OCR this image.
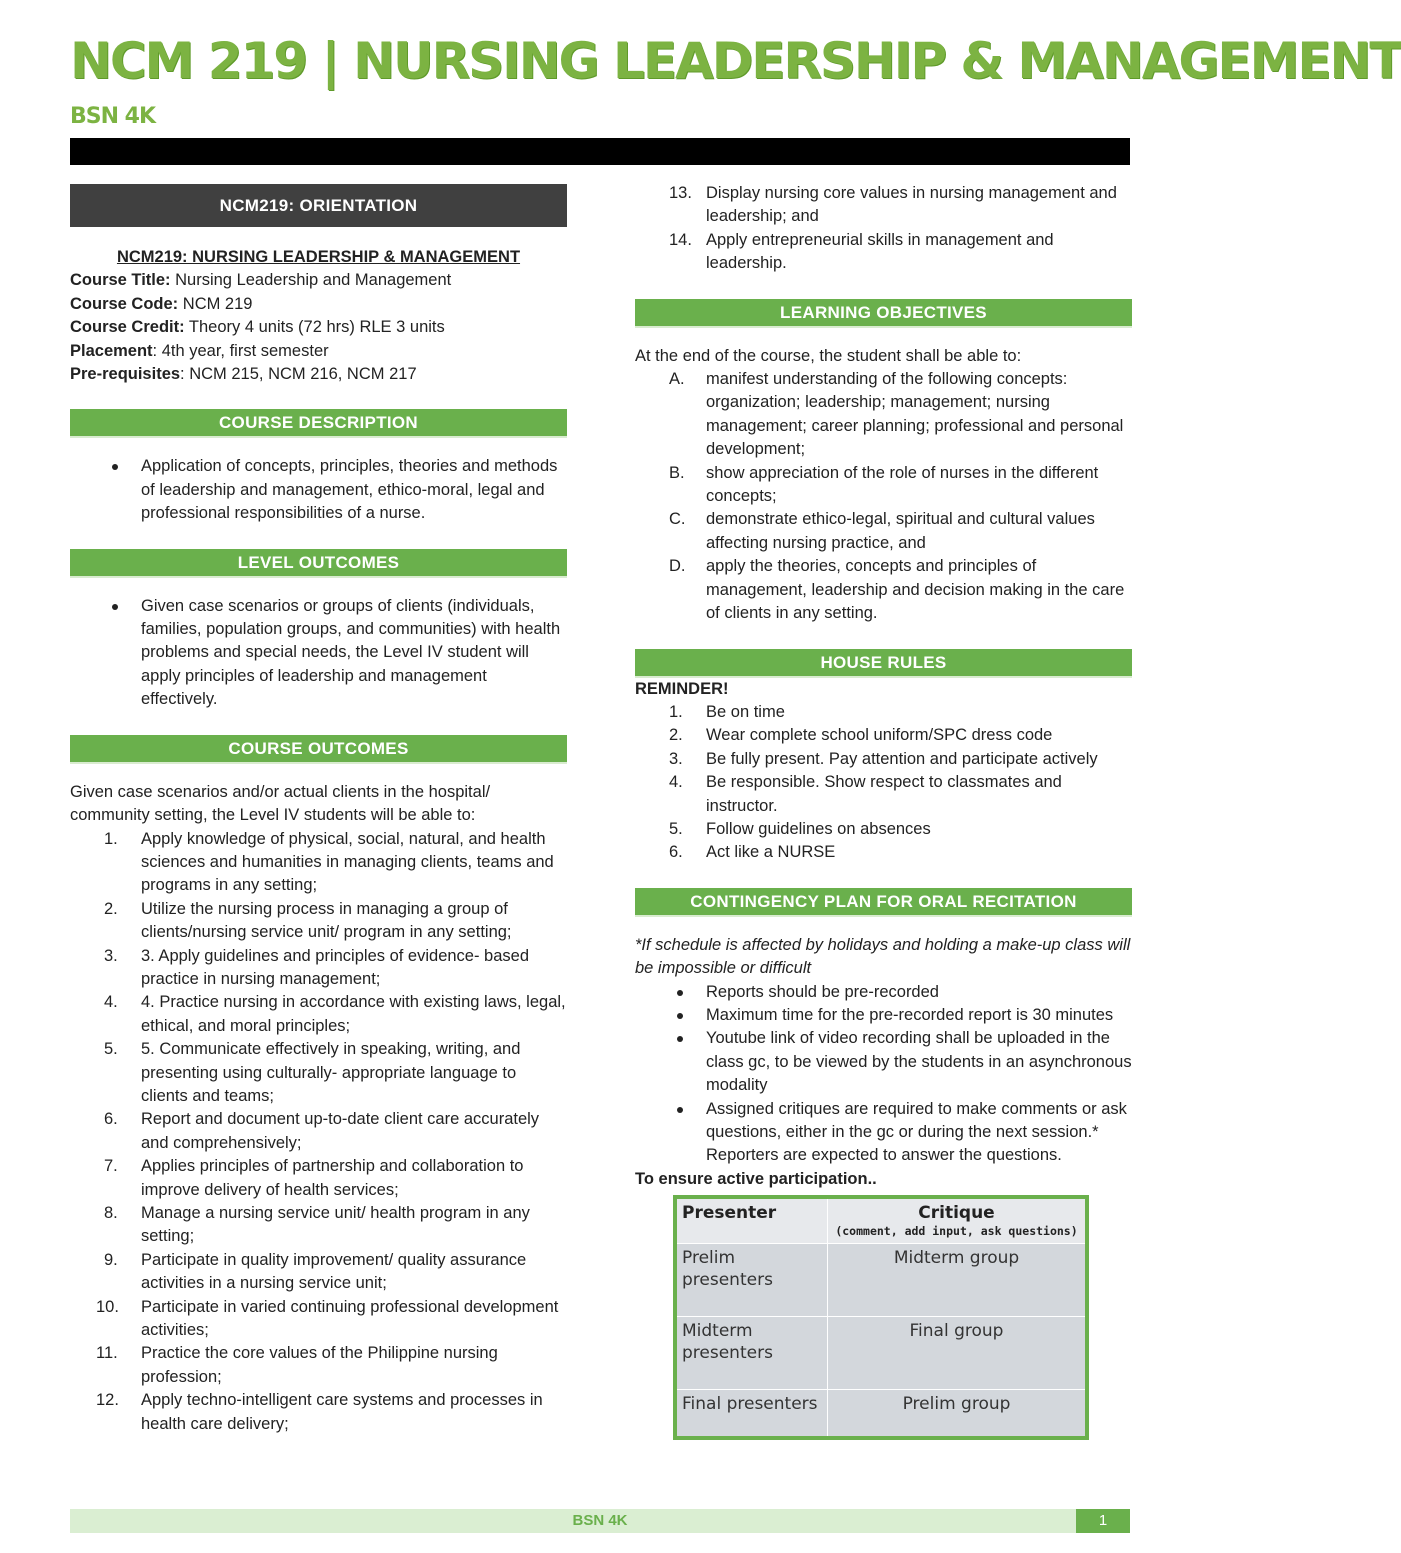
NCM 219 | NURSING LEADERSHIP & MANAGEMENT
BSN 4K
NCM219: ORIENTATION
NCM219: NURSING LEADERSHIP & MANAGEMENT
Course Title: Nursing Leadership and Management
Course Code: NCM 219
Course Credit: Theory 4 units (72 hrs) RLE 3 units
Placement: 4th year, first semester
Pre-requisites: NCM 215, NCM 216, NCM 217
COURSE DESCRIPTION
Application of concepts, principles, theories and methods of leadership and management, ethico-moral, legal and professional responsibilities of a nurse.
LEVEL OUTCOMES
Given case scenarios or groups of clients (individuals, families, population groups, and communities) with health problems and special needs, the Level IV student will apply principles of leadership and management effectively.
COURSE OUTCOMES
Given case scenarios and/or actual clients in the hospital/ community setting, the Level IV students will be able to:
1. Apply knowledge of physical, social, natural, and health sciences and humanities in managing clients, teams and programs in any setting;
2. Utilize the nursing process in managing a group of clients/nursing service unit/ program in any setting;
3. 3. Apply guidelines and principles of evidence- based practice in nursing management;
4. 4. Practice nursing in accordance with existing laws, legal, ethical, and moral principles;
5. 5. Communicate effectively in speaking, writing, and presenting using culturally- appropriate language to clients and teams;
6. Report and document up-to-date client care accurately and comprehensively;
7. Applies principles of partnership and collaboration to improve delivery of health services;
8. Manage a nursing service unit/ health program in any setting;
9. Participate in quality improvement/ quality assurance activities in a nursing service unit;
10. Participate in varied continuing professional development activities;
11. Practice the core values of the Philippine nursing profession;
12. Apply techno-intelligent care systems and processes in health care delivery;
13. Display nursing core values in nursing management and leadership; and
14. Apply entrepreneurial skills in management and leadership.
LEARNING OBJECTIVES
At the end of the course, the student shall be able to:
A. manifest understanding of the following concepts: organization; leadership; management; nursing management; career planning; professional and personal development;
B. show appreciation of the role of nurses in the different concepts;
C. demonstrate ethico-legal, spiritual and cultural values affecting nursing practice, and
D. apply the theories, concepts and principles of management, leadership and decision making in the care of clients in any setting.
HOUSE RULES
REMINDER!
1. Be on time
2. Wear complete school uniform/SPC dress code
3. Be fully present. Pay attention and participate actively
4. Be responsible. Show respect to classmates and instructor.
5. Follow guidelines on absences
6. Act like a NURSE
CONTINGENCY PLAN FOR ORAL RECITATION
*If schedule is affected by holidays and holding a make-up class will be impossible or difficult
Reports should be pre-recorded
Maximum time for the pre-recorded report is 30 minutes
Youtube link of video recording shall be uploaded in the class gc, to be viewed by the students in an asynchronous modality
Assigned critiques are required to make comments or ask questions, either in the gc or during the next session.* Reporters are expected to answer the questions.
To ensure active participation..
Presenter	Critique
(comment, add input, ask questions)

Prelim presenters	Midterm group
Midterm presenters	Final group
Final presenters	Prelim group
BSN 4K	1
